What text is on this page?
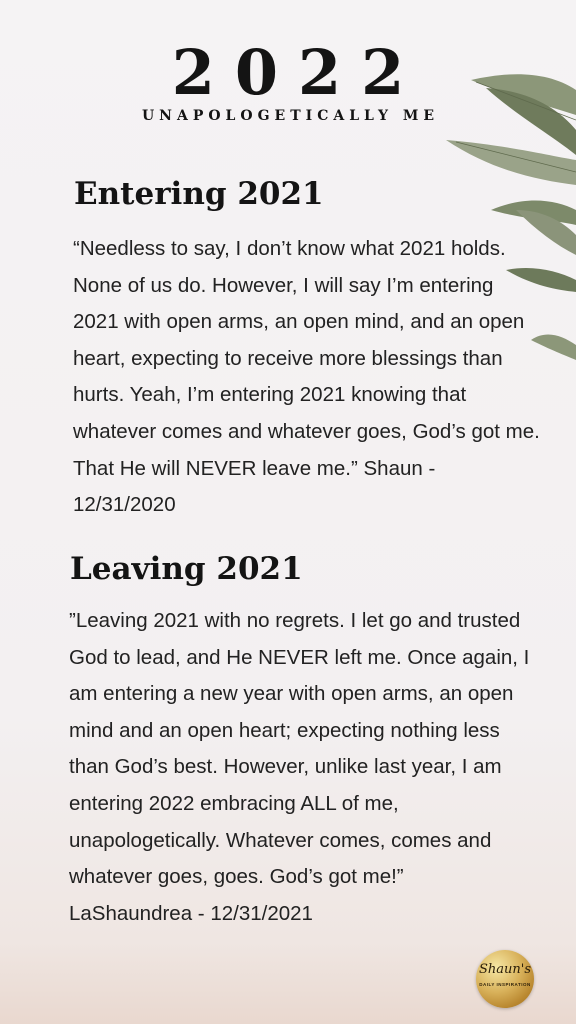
2022
UNAPOLOGETICALLY ME
Entering 2021

“Needless to say, I don’t know what 2021 holds. None of us do. However, I will say I’m entering 2021 with open arms, an open mind, and an open heart, expecting to receive more blessings than hurts. Yeah, I’m entering 2021 knowing that whatever comes and whatever goes, God’s got me. That He will NEVER leave me.” Shaun - 12/31/2020

Leaving 2021

”Leaving 2021 with no regrets. I let go and trusted God to lead, and He NEVER left me. Once again, I am entering a new year with open arms, an open mind and an open heart; expecting nothing less than God’s best. However, unlike last year, I am entering 2022 embracing ALL of me, unapologetically. Whatever comes, comes and whatever goes, goes. God’s got me!”
LaShaundrea - 12/31/2021

Shaun's
DAILY INSPIRATION
